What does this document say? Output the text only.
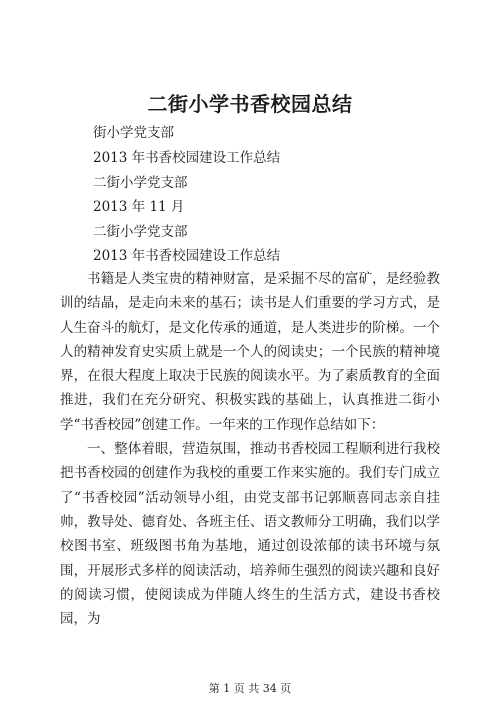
二街小学书香校园总结
街小学党支部
2013 年书香校园建设工作总结
二街小学党支部
2013 年 11 月
二街小学党支部
2013 年书香校园建设工作总结

书籍是人类宝贵的精神财富，是采掘不尽的富矿，是经验教训的结晶，是走向未来的基石；读书是人们重要的学习方式，是人生奋斗的航灯，是文化传承的通道，是人类进步的阶梯。一个人的精神发育史实质上就是一个人的阅读史；一个民族的精神境界，在很大程度上取决于民族的阅读水平。为了素质教育的全面推进，我们在充分研究、积极实践的基础上，认真推进二街小学“书香校园”创建工作。一年来的工作现作总结如下：

一、整体着眼，营造氛围，推动书香校园工程顺利进行我校把书香校园的创建作为我校的重要工作来实施的。我们专门成立了“书香校园”活动领导小组，由党支部书记郭顺喜同志亲自挂帅，教导处、德育处、各班主任、语文教师分工明确，我们以学校图书室、班级图书角为基地，通过创设浓郁的读书环境与氛围，开展形式多样的阅读活动，培养师生强烈的阅读兴趣和良好的阅读习惯，使阅读成为伴随人终生的生活方式，建设书香校园，为

第 1 页 共 34 页
